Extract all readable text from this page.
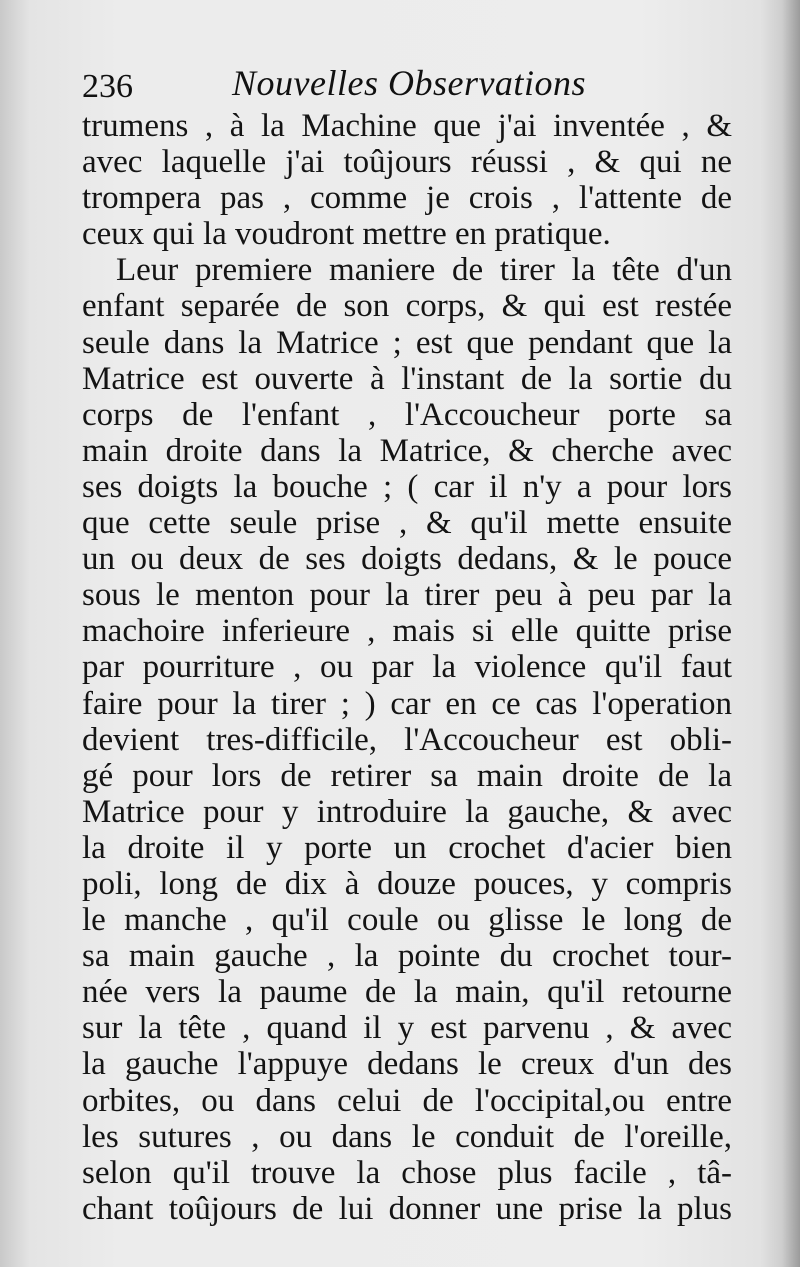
236	Nouvelles Observations
trumens , à la Machine que j'ai inventée , &
avec laquelle j'ai toûjours réussi , & qui ne
trompera pas , comme je crois , l'attente de
ceux qui la voudront mettre en pratique.
Leur premiere maniere de tirer la tête d'un
enfant separée de son corps, & qui est restée
seule dans la Matrice ; est que pendant que la
Matrice est ouverte à l'instant de la sortie du
corps de l'enfant , l'Accoucheur porte sa
main droite dans la Matrice, & cherche avec
ses doigts la bouche ; ( car il n'y a pour lors
que cette seule prise , & qu'il mette ensuite
un ou deux de ses doigts dedans, & le pouce
sous le menton pour la tirer peu à peu par la
machoire inferieure , mais si elle quitte prise
par pourriture , ou par la violence qu'il faut
faire pour la tirer ; ) car en ce cas l'operation
devient tres-difficile, l'Accoucheur est obli-
gé pour lors de retirer sa main droite de la
Matrice pour y introduire la gauche, & avec
la droite il y porte un crochet d'acier bien
poli, long de dix à douze pouces, y compris
le manche , qu'il coule ou glisse le long de
sa main gauche , la pointe du crochet tour-
née vers la paume de la main, qu'il retourne
sur la tête , quand il y est parvenu , & avec
la gauche l'appuye dedans le creux d'un des
orbites, ou dans celui de l'occipital,ou entre
les sutures , ou dans le conduit de l'oreille,
selon qu'il trouve la chose plus facile , tâ-
chant toûjours de lui donner une prise la plus
